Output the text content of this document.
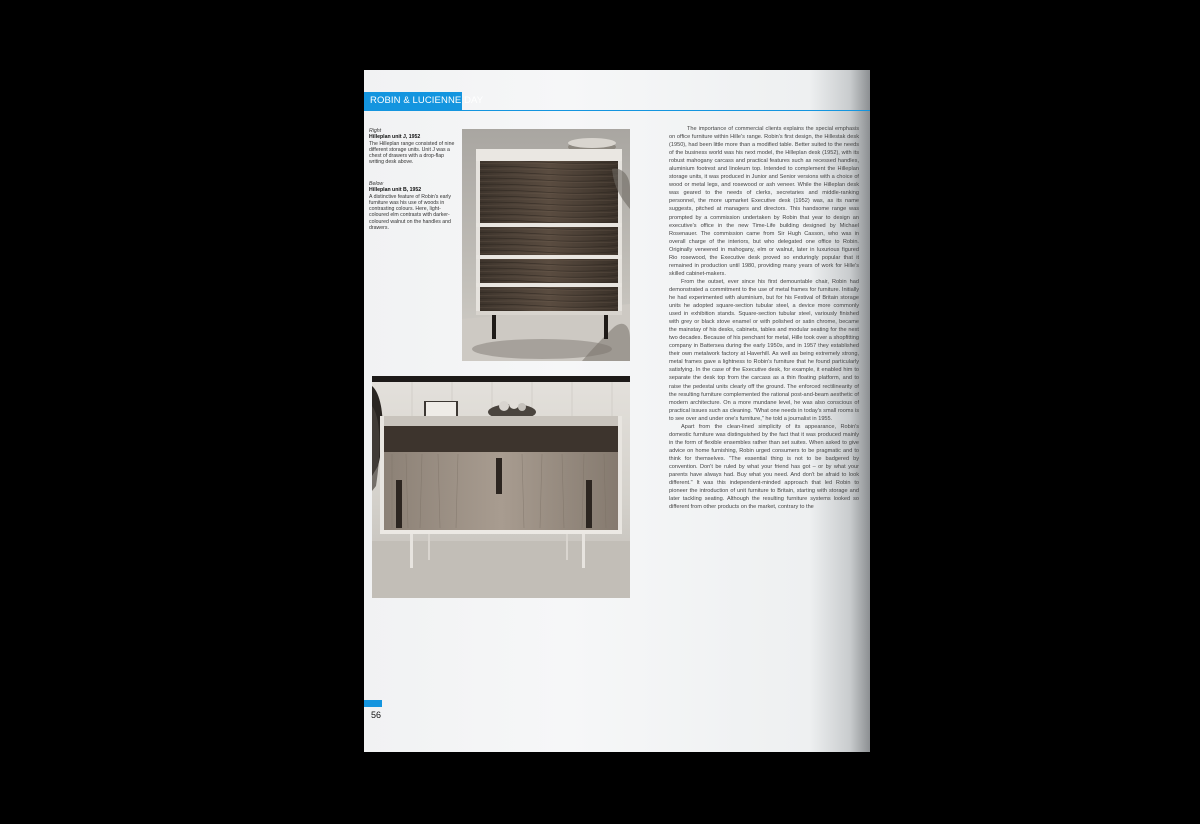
ROBIN & LUCIENNE DAY
Right
Hilleplan unit J, 1952
The Hilleplan range consisted of nine different storage units. Unit J was a chest of drawers with a drop-flap writing desk above.
Below
Hilleplan unit B, 1952
A distinctive feature of Robin's early furniture was his use of woods in contrasting colours. Here, light-coloured elm contrasts with darker-coloured walnut on the handles and drawers.

The importance of commercial clients explains the special emphasis on office furniture within Hille's range. Robin's first design, the Hillestak desk (1950), had been little more than a modified table. Better suited to the needs of the business world was his next model, the Hilleplan desk (1952), with its robust mahogany carcass and practical features such as recessed handles, aluminium footrest and linoleum top. Intended to complement the Hilleplan storage units, it was produced in Junior and Senior versions with a choice of wood or metal legs, and rosewood or ash veneer. While the Hilleplan desk was geared to the needs of clerks, secretaries and middle-ranking personnel, the more upmarket Executive desk (1952) was, as its name suggests, pitched at managers and directors. This handsome range was prompted by a commission undertaken by Robin that year to design an executive's office in the new Time-Life building designed by Michael Rosenauer. The commission came from Sir Hugh Casson, who was in overall charge of the interiors, but who delegated one office to Robin. Originally veneered in mahogany, elm or walnut, later in luxurious figured Rio rosewood, the Executive desk proved so enduringly popular that it remained in production until 1980, providing many years of work for Hille's skilled cabinet-makers.

From the outset, ever since his first demountable chair, Robin had demonstrated a commitment to the use of metal frames for furniture. Initially he had experimented with aluminium, but for his Festival of Britain storage units he adopted square-section tubular steel, a device more commonly used in exhibition stands. Square-section tubular steel, variously finished with grey or black stove enamel or with polished or satin chrome, became the mainstay of his desks, cabinets, tables and modular seating for the next two decades. Because of his penchant for metal, Hille took over a shopfitting company in Battersea during the early 1950s, and in 1957 they established their own metalwork factory at Haverhill. As well as being extremely strong, metal frames gave a lightness to Robin's furniture that he found particularly satisfying. In the case of the Executive desk, for example, it enabled him to separate the desk top from the carcass as a thin floating platform, and to raise the pedestal units clearly off the ground. The enforced rectilinearity of the resulting furniture complemented the rational post-and-beam aesthetic of modern architecture. On a more mundane level, he was also conscious of practical issues such as cleaning. "What one needs in today's small rooms is to see over and under one's furniture," he told a journalist in 1955.

Apart from the clean-lined simplicity of its appearance, Robin's domestic furniture was distinguished by the fact that it was produced mainly in the form of flexible ensembles rather than set suites. When asked to give advice on home furnishing, Robin urged consumers to be pragmatic and to think for themselves. "The essential thing is not to be badgered by convention. Don't be ruled by what your friend has got – or by what your parents have always had. Buy what you need. And don't be afraid to look different." It was this independent-minded approach that led Robin to pioneer the introduction of unit furniture to Britain, starting with storage and later tackling seating. Although the resulting furniture systems looked so different from other products on the market, contrary to the

56
